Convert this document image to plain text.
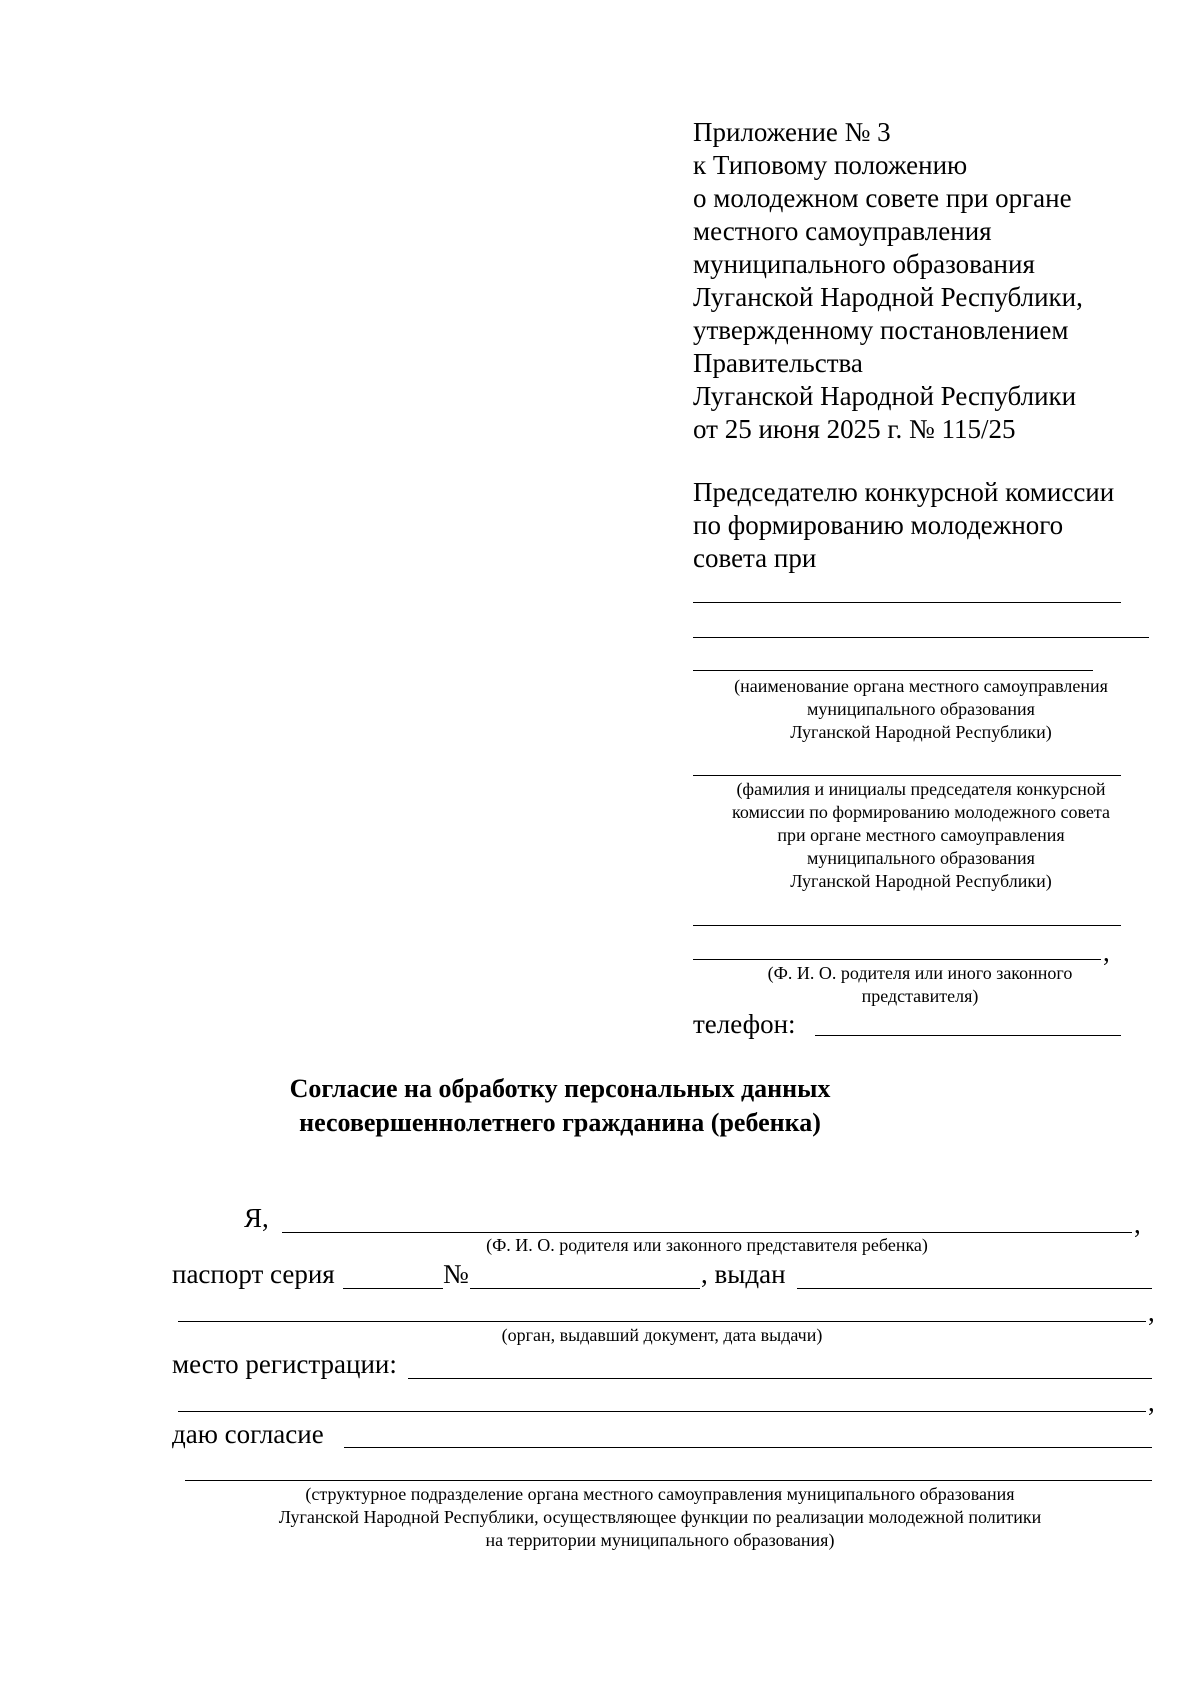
Приложение № 3
к Типовому положению
о молодежном совете при органе
местного самоуправления
муниципального образования
Луганской Народной Республики,
утвержденному постановлением
Правительства
Луганской Народной Республики
от 25 июня 2025 г. № 115/25
Председателю конкурсной комиссии
по формированию молодежного
совета при
(наименование органа местного самоуправления
муниципального образования
Луганской Народной Республики)
(фамилия и инициалы председателя конкурсной
комиссии по формированию молодежного совета
при органе местного самоуправления
муниципального образования
Луганской Народной Республики)
,
(Ф. И. О. родителя или иного законного
представителя)
телефон:
Согласие на обработку персональных данных
несовершеннолетнего гражданина (ребенка)
Я,	,
(Ф. И. О. родителя или законного представителя ребенка)
паспорт серия	№	, выдан
,
(орган, выдавший документ, дата выдачи)
место регистрации:
,
даю согласие
(структурное подразделение органа местного самоуправления муниципального образования
Луганской Народной Республики, осуществляющее функции по реализации молодежной политики
на территории муниципального образования)
